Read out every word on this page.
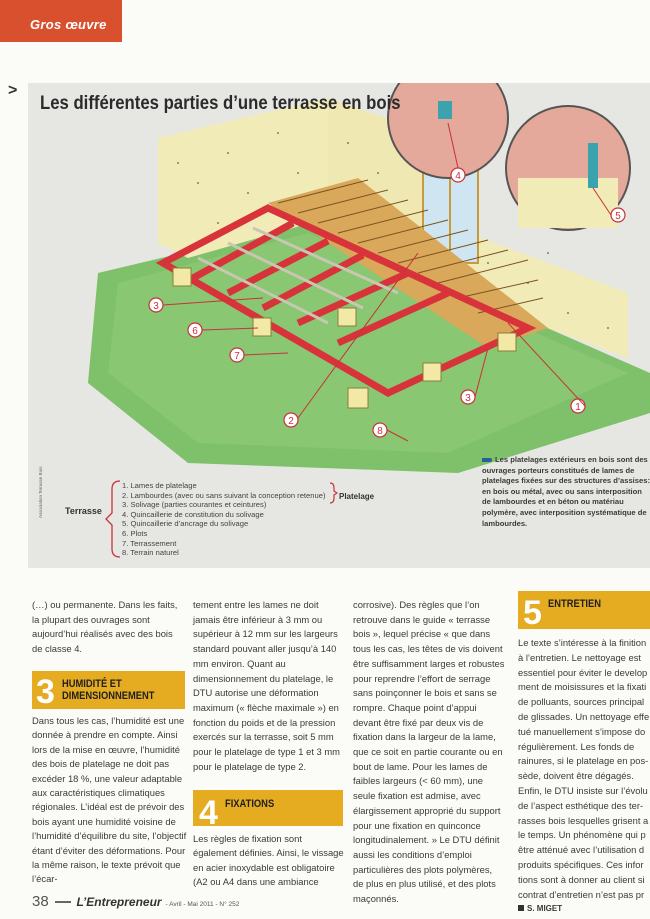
Gros œuvre
>
1
2
3
3
4
5
6
7
8
Les différentes parties d’une terrasse en bois
Association Terrasse Bois Terrasse
1. Lames de platelage
2. Lambourdes (avec ou sans suivant la conception retenue)
3. Solivage (parties courantes et ceintures)
4. Quincaillerie de constitution du solivage
5. Quincaillerie d’ancrage du solivage
6. Plots
7. Terrassement
8. Terrain naturel
Platelage
Les platelages extérieurs en bois sont des ouvrages porteurs constitués de lames de platelages fixées sur des structures d’assises: en bois ou métal, avec ou sans interposition de lambourdes et en béton ou matériau polymère, avec interposition systématique de lambourdes.
(…) ou permanente. Dans les faits, la plupart des ouvrages sont aujourd’hui réalisés avec des bois de classe 4.
3 HUMIDITÉ ET
DIMENSIONNEMENT
Dans tous les cas, l’humidité est une donnée à prendre en compte. Ainsi lors de la mise en œuvre, l’humidité des bois de platelage ne doit pas excéder 18 %, une valeur adaptable aux caractéristiques climatiques régionales. L’idéal est de prévoir des bois ayant une humidité voisine de l’humidité d’équilibre du site, l’objectif étant d’éviter des déformations. Pour la même raison, le texte prévoit que l’écar-
tement entre les lames ne doit jamais être inférieur à 3 mm ou supérieur à 12 mm sur les largeurs standard pouvant aller jusqu’à 140 mm environ. Quant au dimensionnement du platelage, le DTU autorise une déformation maximum (« flèche maximale ») en fonction du poids et de la pression exercés sur la terrasse, soit 5 mm pour le platelage de type 1 et 3 mm pour le platelage de type 2.
4 FIXATIONS
Les règles de fixation sont également définies. Ainsi, le vissage en acier inoxydable est obligatoire (A2 ou A4 dans une ambiance
corrosive). Des règles que l’on retrouve dans le guide « terrasse bois », lequel précise « que dans tous les cas, les têtes de vis doivent être suffisamment larges et robustes pour reprendre l’effort de serrage sans poinçonner le bois et sans se rompre. Chaque point d’appui devant être fixé par deux vis de fixation dans la largeur de la lame, que ce soit en partie courante ou en bout de lame. Pour les lames de faibles largeurs (< 60 mm), une seule fixation est admise, avec élargissement approprié du support pour une fixation en quinconce longitudinalement. » Le DTU définit aussi les conditions d’emploi particulières des plots polymères, de plus en plus utilisé, et des plots maçonnés.
5 ENTRETIEN
Le texte s’intéresse à la finition
à l’entretien. Le nettoyage est
essentiel pour éviter le develop
ment de moisissures et la fixati
de polluants, sources principal
de glissades. Un nettoyage effe
tué manuellement s’impose do
régulièrement. Les fonds de
rainures, si le platelage en pos-
sède, doivent être dégagés.
Enfin, le DTU insiste sur l’évolu
de l’aspect esthétique des ter-
rasses bois lesquelles grisent a
le temps. Un phénomène qui p
être atténué avec l’utilisation d
produits spécifiques. Ces infor
tions sont à donner au client si
contrat d’entretien n’est pas pr
S. MIGET
38 L’Entrepreneur - Avril - Mai 2011 - N° 252
